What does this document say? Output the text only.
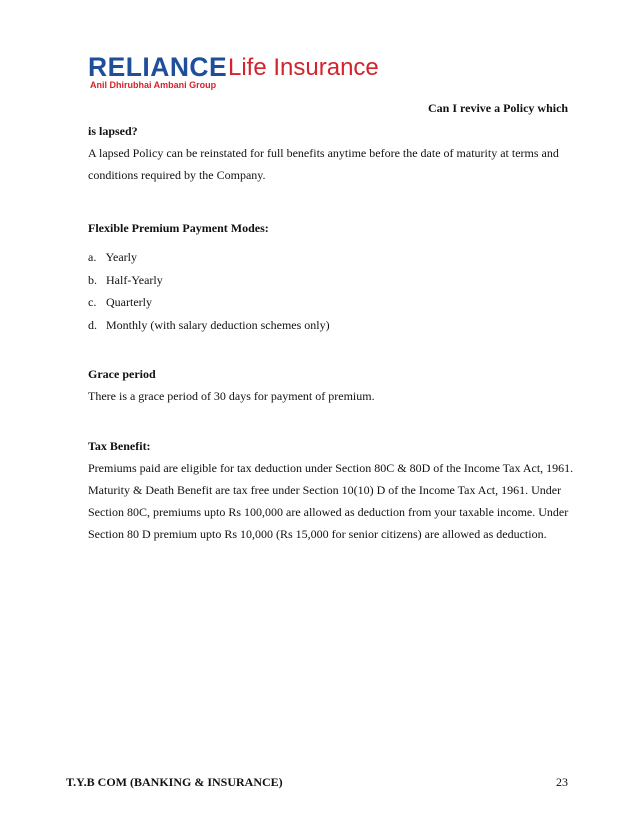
RELIANCE Life Insurance
Anil Dhirubhai Ambani Group
Can I revive a Policy which
is lapsed?
A lapsed Policy can be reinstated for full benefits anytime before the date of maturity at terms and conditions required by the Company.
Flexible Premium Payment Modes:
a. Yearly
b. Half-Yearly
c. Quarterly
d. Monthly (with salary deduction schemes only)
Grace period
There is a grace period of 30 days for payment of premium.
Tax Benefit:
Premiums paid are eligible for tax deduction under Section 80C & 80D of the Income Tax Act, 1961. Maturity & Death Benefit are tax free under Section 10(10) D of the Income Tax Act, 1961. Under Section 80C, premiums upto Rs 100,000 are allowed as deduction from your taxable income. Under Section 80 D premium upto Rs 10,000 (Rs 15,000 for senior citizens) are allowed as deduction.
T.Y.B COM (BANKING & INSURANCE)	23
